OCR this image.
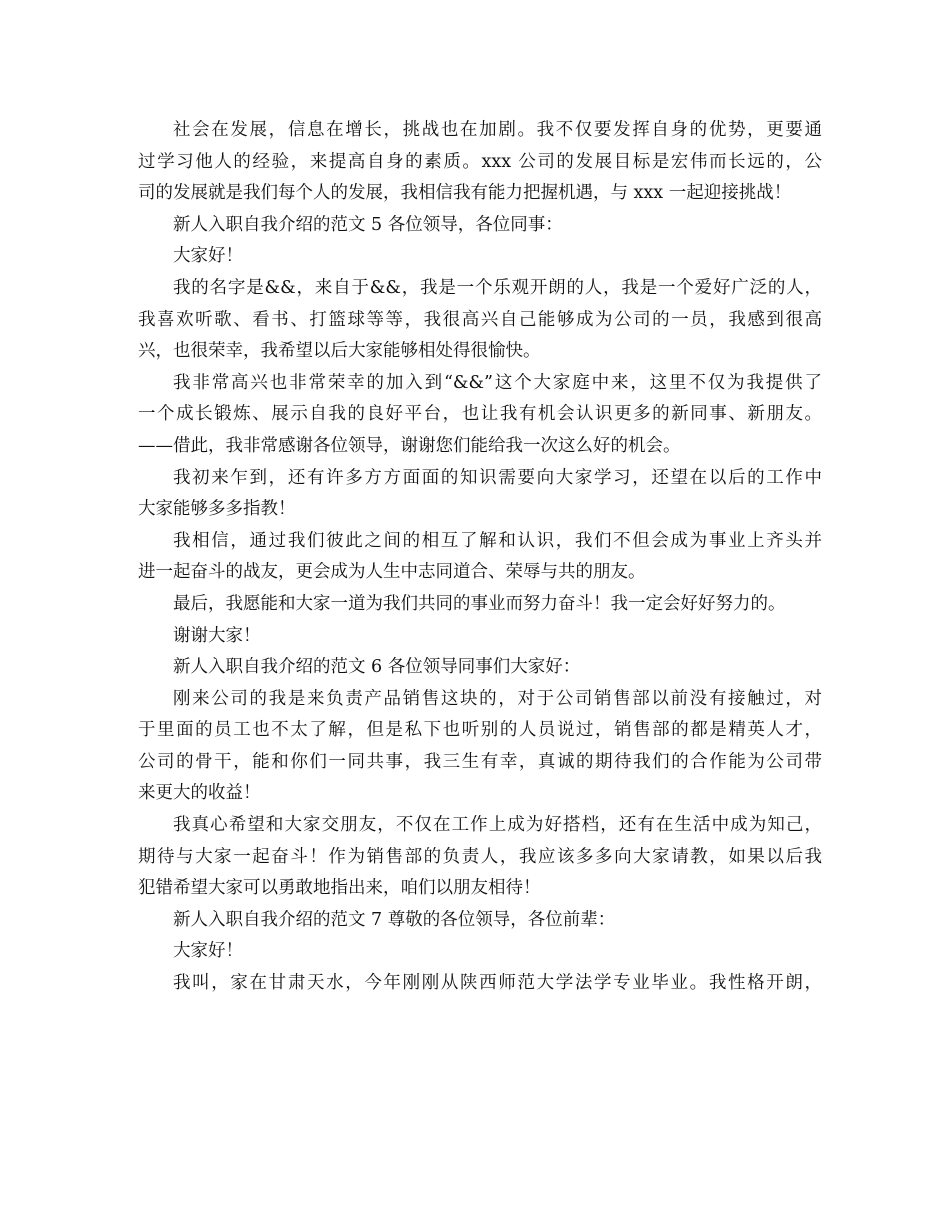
社会在发展，信息在增长，挑战也在加剧。我不仅要发挥自身的优势，更要通
过学习他人的经验，来提高自身的素质。xxx 公司的发展目标是宏伟而长远的，公
司的发展就是我们每个人的发展，我相信我有能力把握机遇，与 xxx 一起迎接挑战！
新人入职自我介绍的范文 5 各位领导，各位同事：
大家好！
我的名字是&&，来自于&&，我是一个乐观开朗的人，我是一个爱好广泛的人，
我喜欢听歌、看书、打篮球等等，我很高兴自己能够成为公司的一员，我感到很高
兴，也很荣幸，我希望以后大家能够相处得很愉快。
我非常高兴也非常荣幸的加入到“&&”这个大家庭中来，这里不仅为我提供了
一个成长锻炼、展示自我的良好平台，也让我有机会认识更多的新同事、新朋友。
——借此，我非常感谢各位领导，谢谢您们能给我一次这么好的机会。
我初来乍到，还有许多方方面面的知识需要向大家学习，还望在以后的工作中
大家能够多多指教！
我相信，通过我们彼此之间的相互了解和认识，我们不但会成为事业上齐头并
进一起奋斗的战友，更会成为人生中志同道合、荣辱与共的朋友。
最后，我愿能和大家一道为我们共同的事业而努力奋斗！我一定会好好努力的。
谢谢大家！
新人入职自我介绍的范文 6 各位领导同事们大家好：
刚来公司的我是来负责产品销售这块的，对于公司销售部以前没有接触过，对
于里面的员工也不太了解，但是私下也听别的人员说过，销售部的都是精英人才，
公司的骨干，能和你们一同共事，我三生有幸，真诚的期待我们的合作能为公司带
来更大的收益！
我真心希望和大家交朋友，不仅在工作上成为好搭档，还有在生活中成为知己，
期待与大家一起奋斗！作为销售部的负责人，我应该多多向大家请教，如果以后我
犯错希望大家可以勇敢地指出来，咱们以朋友相待！
新人入职自我介绍的范文 7 尊敬的各位领导，各位前辈：
大家好！
我叫，家在甘肃天水，今年刚刚从陕西师范大学法学专业毕业。我性格开朗，
